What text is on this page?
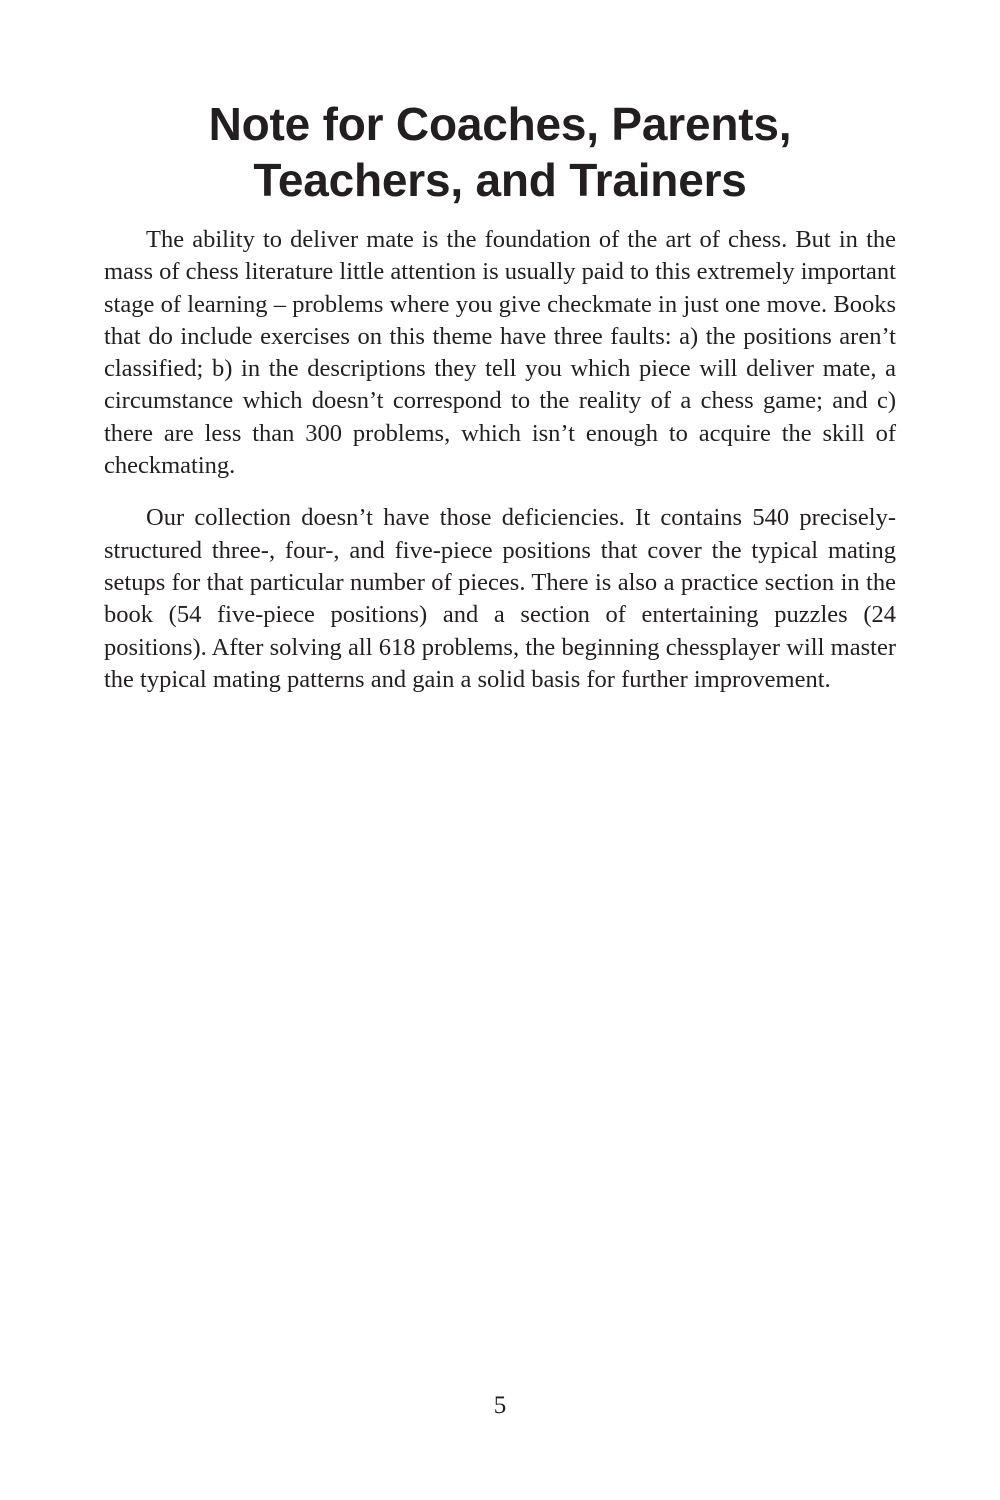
Note for Coaches, Parents,
Teachers, and Trainers

The ability to deliver mate is the foundation of the art of chess. But in the mass of chess literature little attention is usually paid to this extremely important stage of learning – problems where you give checkmate in just one move. Books that do include exercises on this theme have three faults: a) the positions aren’t classified; b) in the descriptions they tell you which piece will deliver mate, a circumstance which doesn’t correspond to the reality of a chess game; and c) there are less than 300 problems, which isn’t enough to acquire the skill of checkmating.

Our collection doesn’t have those deficiencies. It contains 540 precisely-structured three-, four-, and five-piece positions that cover the typical mating setups for that particular number of pieces. There is also a practice section in the book (54 five-piece positions) and a section of entertaining puzzles (24 positions). After solving all 618 problems, the beginning chessplayer will master the typical mating patterns and gain a solid basis for further improvement.

5
